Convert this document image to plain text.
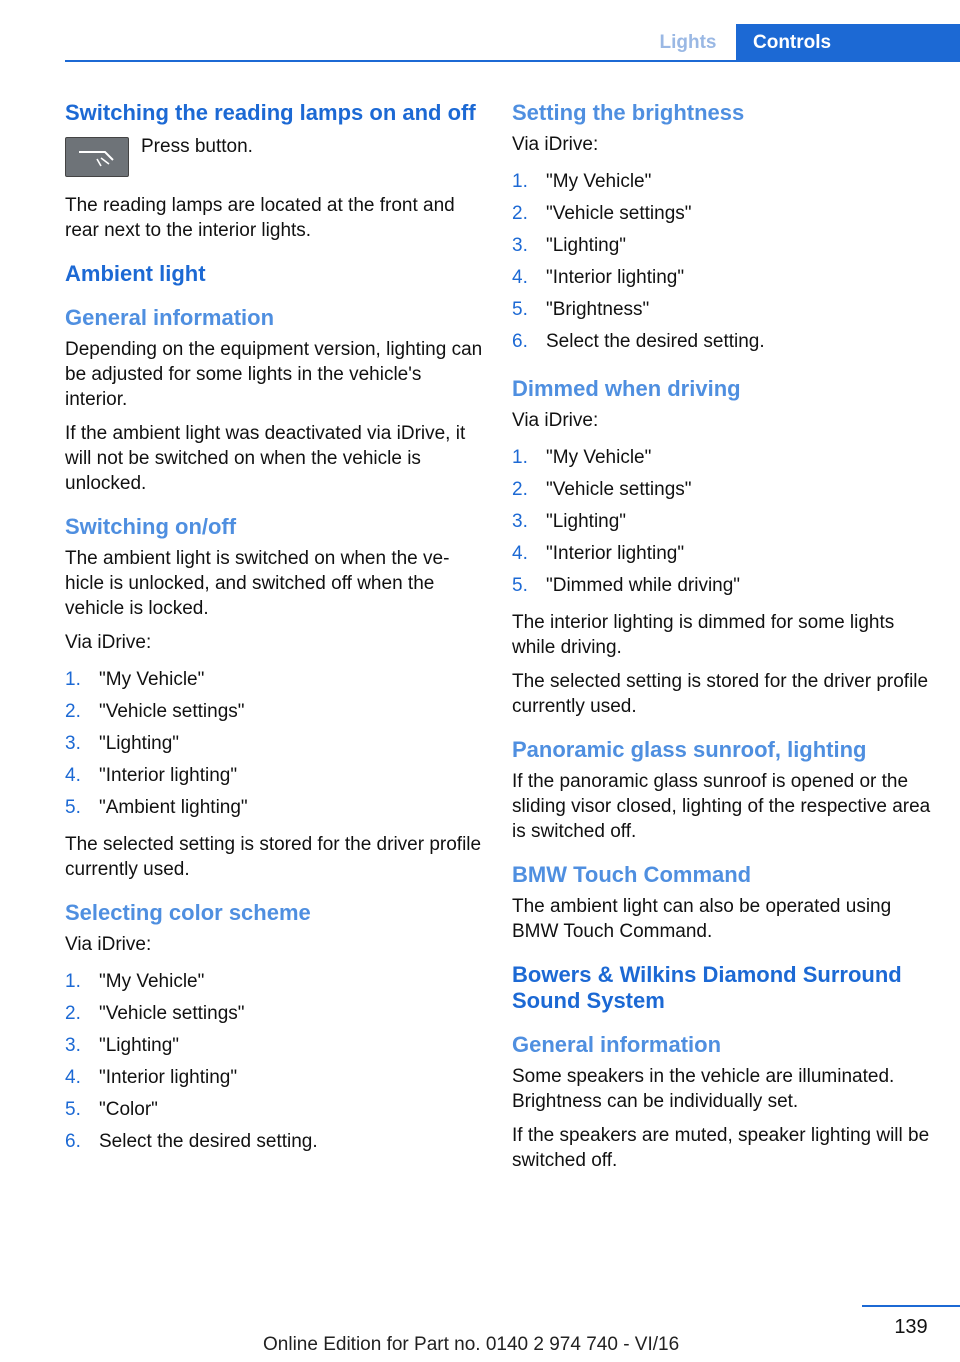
Lights	Controls
Switching the reading lamps on and off
Press button.

The reading lamps are located at the front and rear next to the interior lights.

Ambient light
General information

Depending on the equipment version, lighting can be adjusted for some lights in the vehicle's interior.

If the ambient light was deactivated via iDrive, it will not be switched on when the vehicle is unlocked.

Switching on/off

The ambient light is switched on when the ve‐ hicle is unlocked, and switched off when the vehicle is locked.

Via iDrive:

1. "My Vehicle"
2. "Vehicle settings"
3. "Lighting"
4. "Interior lighting"
5. "Ambient lighting"

The selected setting is stored for the driver profile currently used.

Selecting color scheme

Via iDrive:

1. "My Vehicle"
2. "Vehicle settings"
3. "Lighting"
4. "Interior lighting"
5. "Color"
6. Select the desired setting.
Setting the brightness

Via iDrive:

1. "My Vehicle"
2. "Vehicle settings"
3. "Lighting"
4. "Interior lighting"
5. "Brightness"
6. Select the desired setting.
Dimmed when driving

Via iDrive:

1. "My Vehicle"
2. "Vehicle settings"
3. "Lighting"
4. "Interior lighting"
5. "Dimmed while driving"

The interior lighting is dimmed for some lights while driving.

The selected setting is stored for the driver profile currently used.

Panoramic glass sunroof, lighting

If the panoramic glass sunroof is opened or the sliding visor closed, lighting of the respective area is switched off.

BMW Touch Command

The ambient light can also be operated using BMW Touch Command.

Bowers & Wilkins Diamond Surround Sound System
General information

Some speakers in the vehicle are illuminated. Brightness can be individually set.

If the speakers are muted, speaker lighting will be switched off.

139
Online Edition for Part no. 0140 2 974 740 - VI/16
